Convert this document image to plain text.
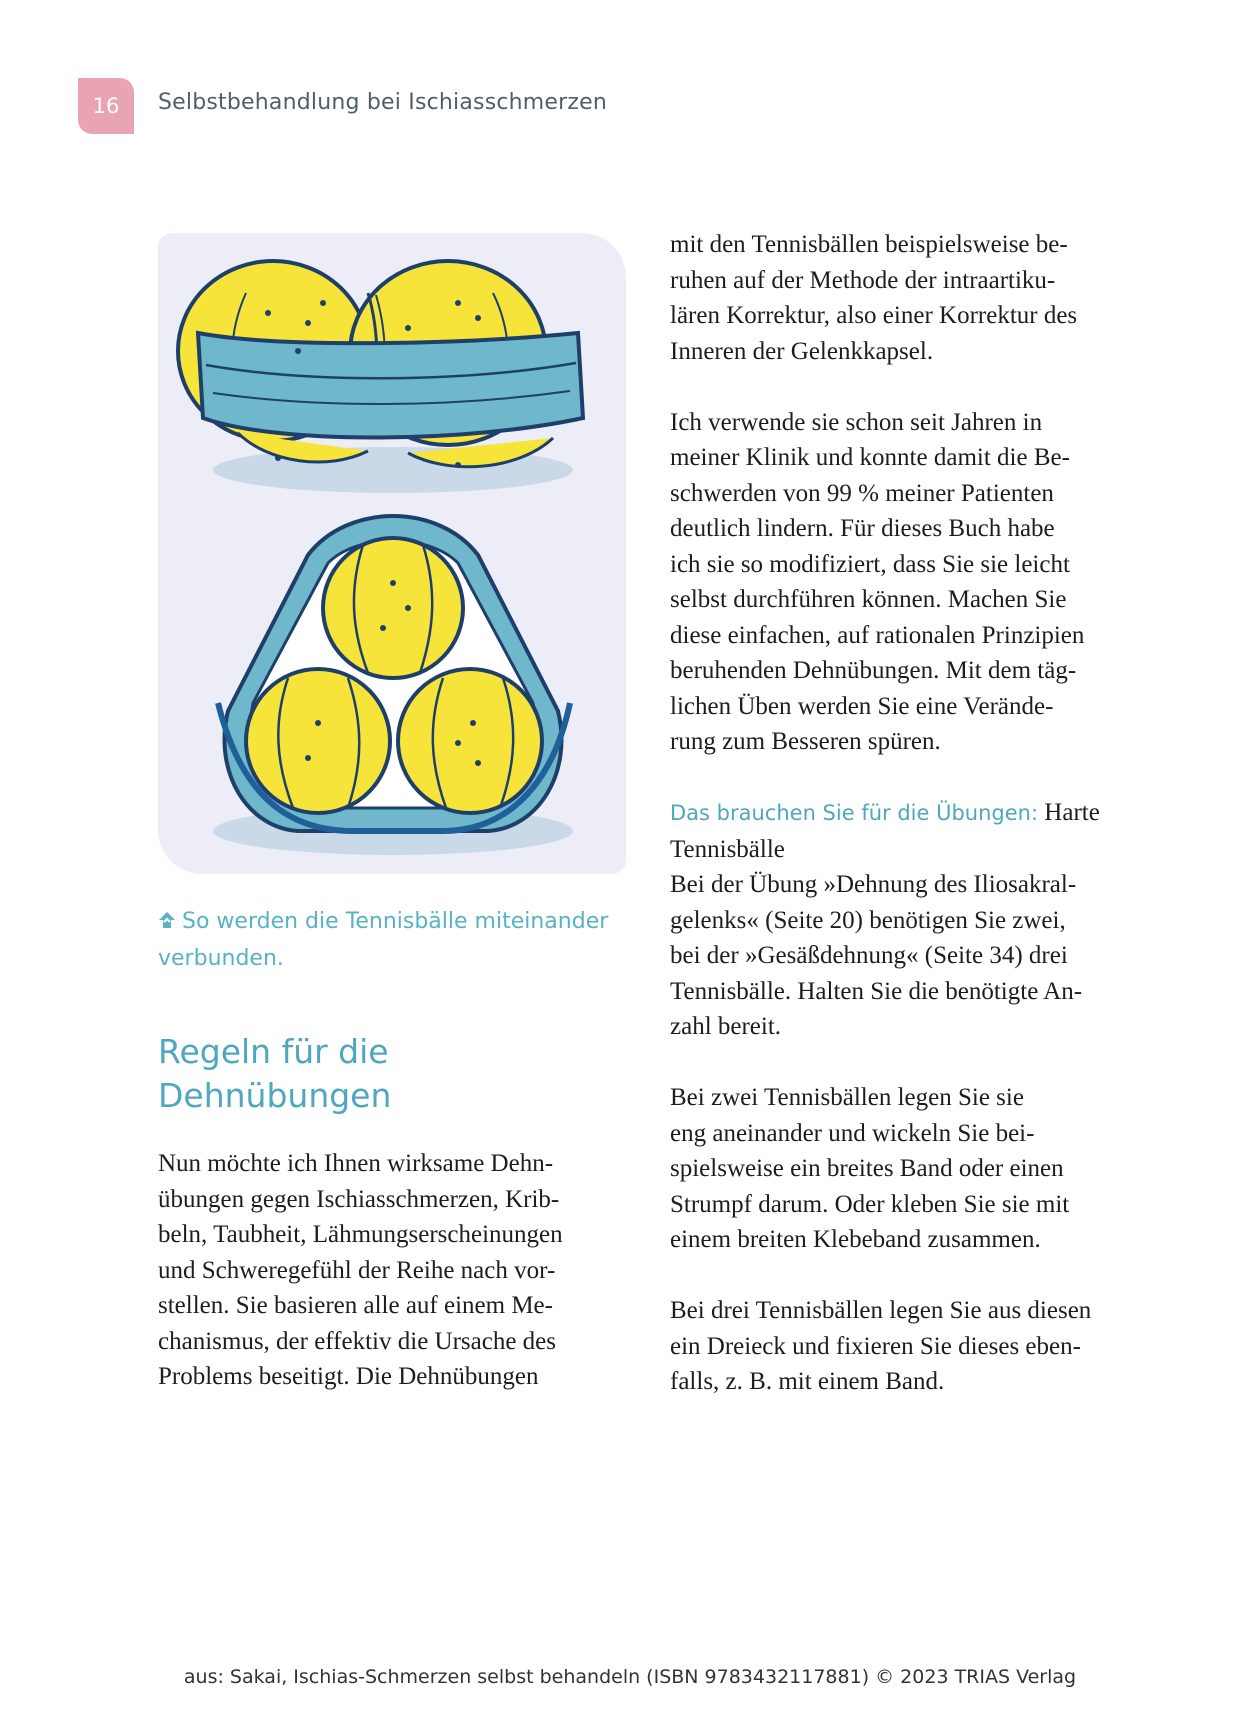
16 Selbstbehandlung bei Ischiasschmerzen
So werden die Tennisbälle miteinander verbunden.
Regeln für die
Dehnübungen
Nun möchte ich Ihnen wirksame Dehn-
übungen gegen Ischiasschmerzen, Krib-
beln, Taubheit, Lähmungserscheinungen
und Schweregefühl der Reihe nach vor-
stellen. Sie basieren alle auf einem Me-
chanismus, der effektiv die Ursache des
Problems beseitigt. Die Dehnübungen
mit den Tennisbällen beispielsweise be-
ruhen auf der Methode der intraartiku-
lären Korrektur, also einer Korrektur des
Inneren der Gelenkkapsel.
Ich verwende sie schon seit Jahren in
meiner Klinik und konnte damit die Be-
schwerden von 99 % meiner Patienten
deutlich lindern. Für dieses Buch habe
ich sie so modifiziert, dass Sie sie leicht
selbst durchführen können. Machen Sie
diese einfachen, auf rationalen Prinzipien
beruhenden Dehnübungen. Mit dem täg-
lichen Üben werden Sie eine Verände-
rung zum Besseren spüren.
Das brauchen Sie für die Übungen: Harte
Tennisbälle
Bei der Übung »Dehnung des Iliosakral-
gelenks« (Seite 20) benötigen Sie zwei,
bei der »Gesäßdehnung« (Seite 34) drei
Tennisbälle. Halten Sie die benötigte An-
zahl bereit.
Bei zwei Tennisbällen legen Sie sie
eng aneinander und wickeln Sie bei-
spielsweise ein breites Band oder einen
Strumpf darum. Oder kleben Sie sie mit
einem breiten Klebeband zusammen.
Bei drei Tennisbällen legen Sie aus diesen
ein Dreieck und fixieren Sie dieses eben-
falls, z. B. mit einem Band.
aus: Sakai, Ischias-Schmerzen selbst behandeln (ISBN 9783432117881) © 2023 TRIAS Verlag
